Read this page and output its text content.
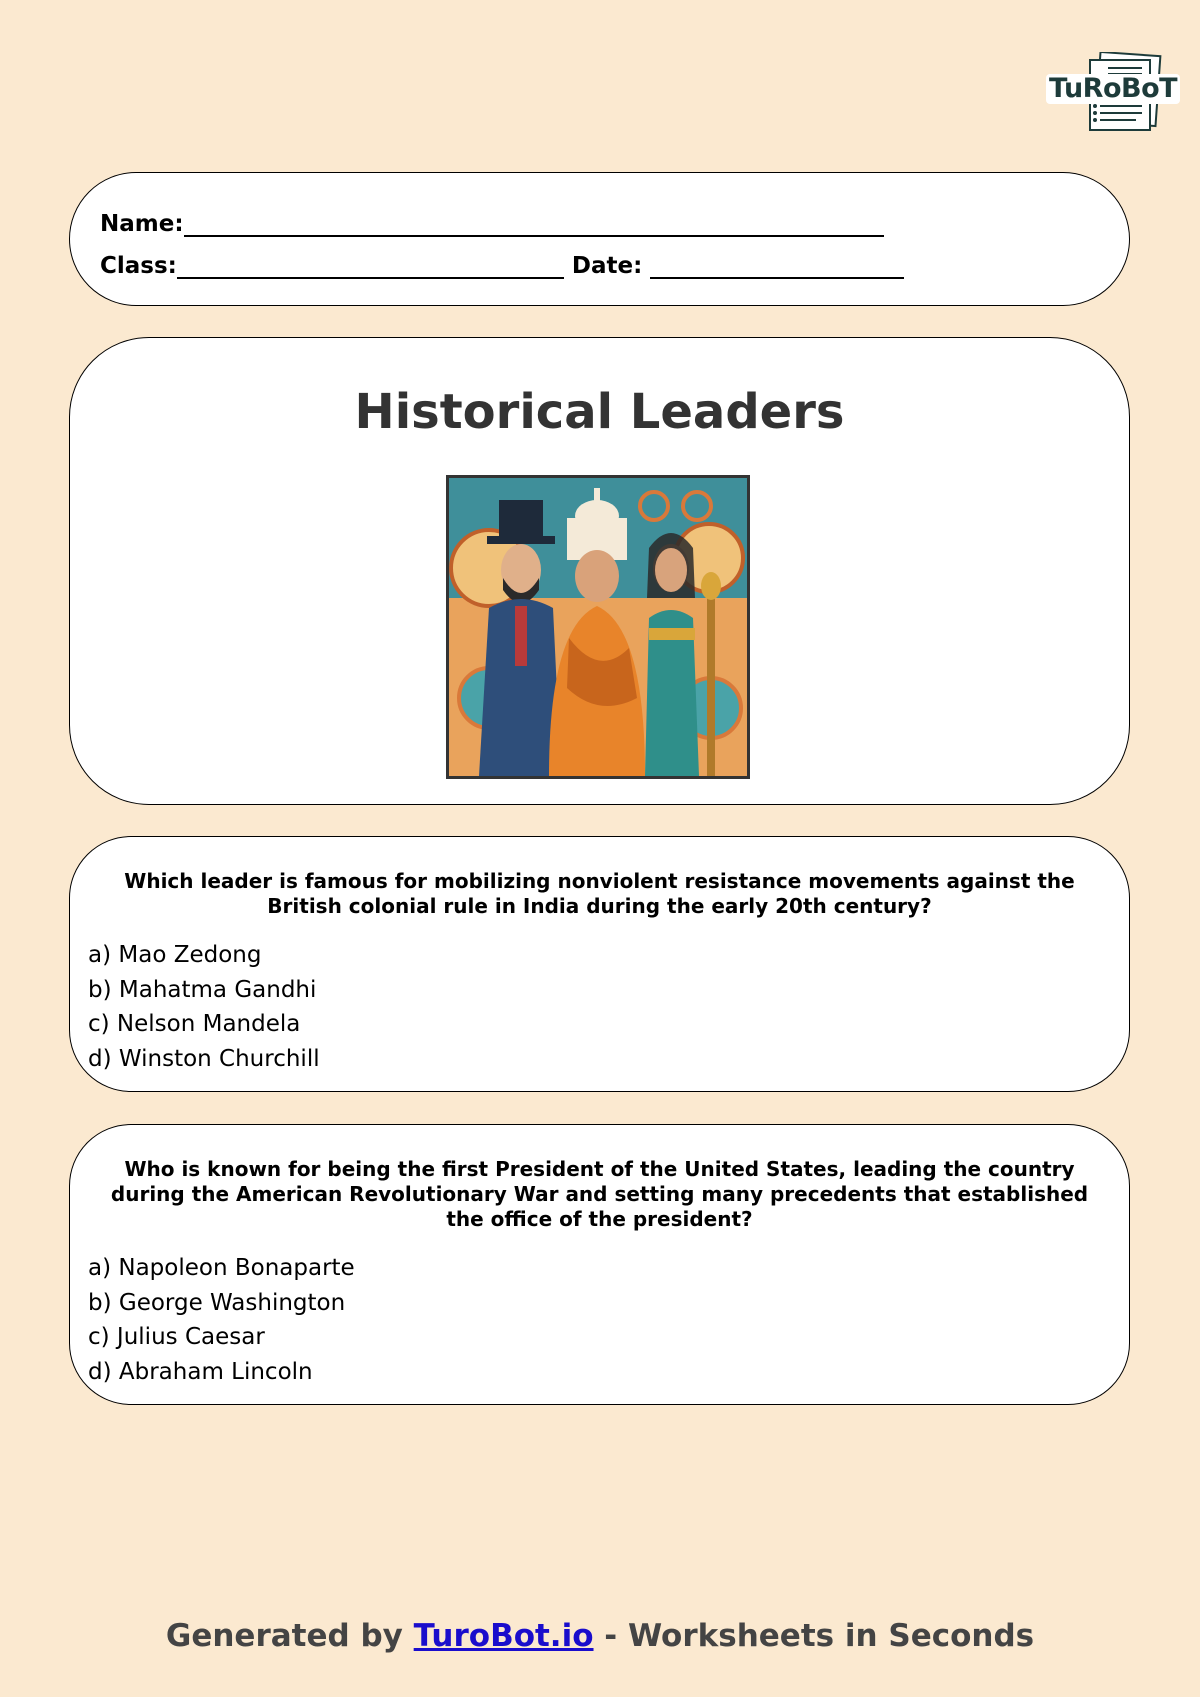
TuRoBoT
Name:
Class:	Date:
Historical Leaders

Which leader is famous for mobilizing nonviolent resistance movements against the British colonial rule in India during the early 20th century?

a) Mao Zedong
b) Mahatma Gandhi
c) Nelson Mandela
d) Winston Churchill

Who is known for being the first President of the United States, leading the country during the American Revolutionary War and setting many precedents that established the office of the president?

a) Napoleon Bonaparte
b) George Washington
c) Julius Caesar
d) Abraham Lincoln
Generated by TuroBot.io - Worksheets in Seconds
